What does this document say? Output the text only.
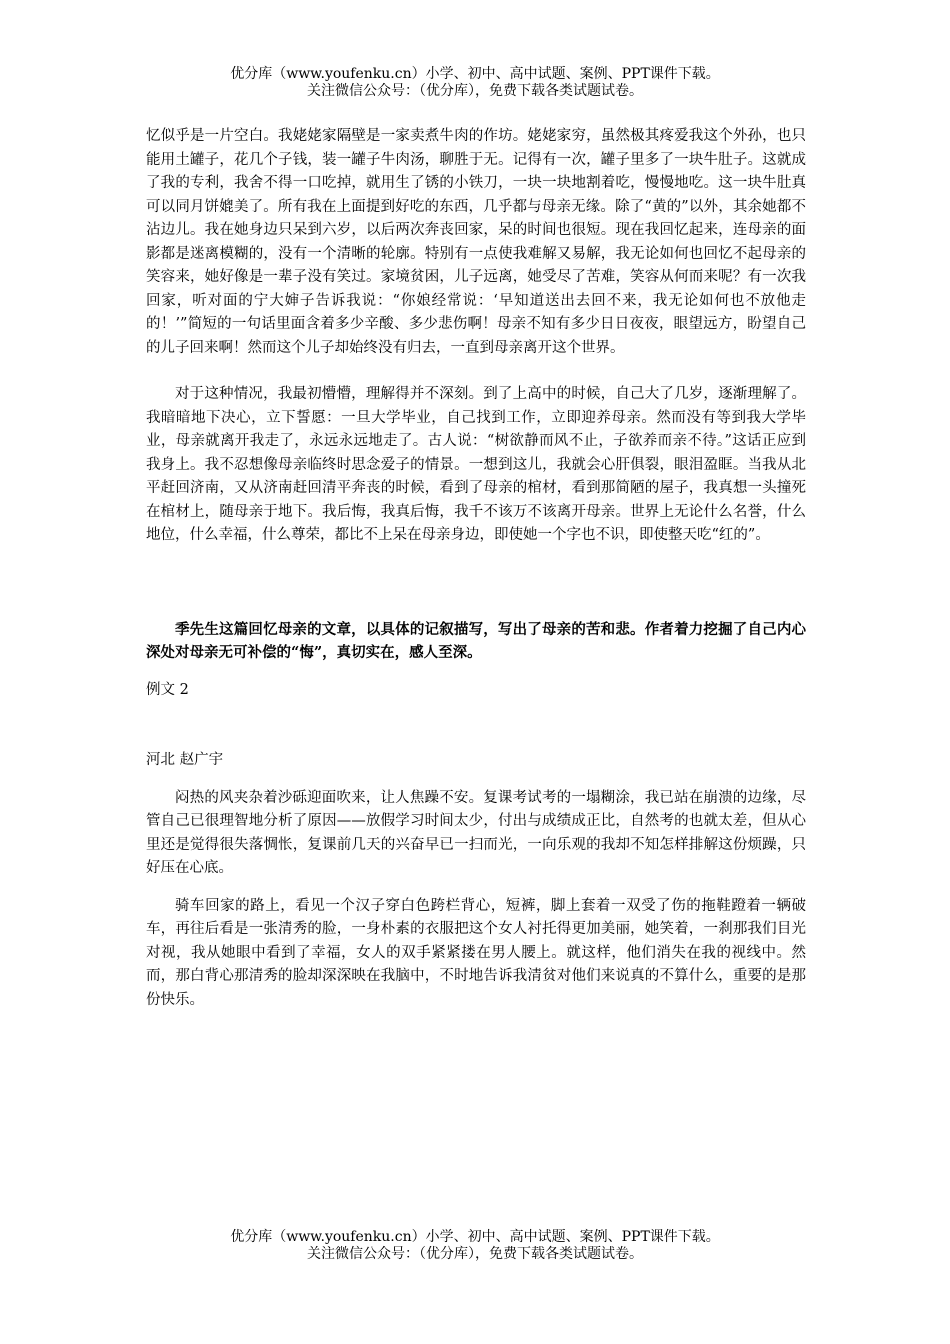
优分库（www.youfenku.cn）小学、初中、高中试题、案例、PPT课件下载。
关注微信公众号：（优分库），免费下载各类试题试卷。

忆似乎是一片空白。我姥姥家隔壁是一家卖煮牛肉的作坊。姥姥家穷，虽然极其疼爱我这个外孙，也只能用土罐子，花几个子钱，装一罐子牛肉汤，聊胜于无。记得有一次，罐子里多了一块牛肚子。这就成了我的专利，我舍不得一口吃掉，就用生了锈的小铁刀，一块一块地割着吃，慢慢地吃。这一块牛肚真可以同月饼媲美了。所有我在上面提到好吃的东西，几乎都与母亲无缘。除了“黄的”以外，其余她都不沾边儿。我在她身边只呆到六岁，以后两次奔丧回家，呆的时间也很短。现在我回忆起来，连母亲的面影都是迷离模糊的，没有一个清晰的轮廓。特别有一点使我难解又易解，我无论如何也回忆不起母亲的笑容来，她好像是一辈子没有笑过。家境贫困，儿子远离，她受尽了苦难，笑容从何而来呢？有一次我回家，听对面的宁大婶子告诉我说：“你娘经常说：‘早知道送出去回不来，我无论如何也不放他走的！’”简短的一句话里面含着多少辛酸、多少悲伤啊！母亲不知有多少日日夜夜，眼望远方，盼望自己的儿子回来啊！然而这个儿子却始终没有归去，一直到母亲离开这个世界。

对于这种情况，我最初懵懵，理解得并不深刻。到了上高中的时候，自己大了几岁，逐渐理解了。我暗暗地下决心，立下誓愿：一旦大学毕业，自己找到工作，立即迎养母亲。然而没有等到我大学毕业，母亲就离开我走了，永远永远地走了。古人说：“树欲静而风不止，子欲养而亲不待。”这话正应到我身上。我不忍想像母亲临终时思念爱子的情景。一想到这儿，我就会心肝俱裂，眼泪盈眶。当我从北平赶回济南，又从济南赶回清平奔丧的时候，看到了母亲的棺材，看到那简陋的屋子，我真想一头撞死在棺材上，随母亲于地下。我后悔，我真后悔，我千不该万不该离开母亲。世界上无论什么名誉，什么地位，什么幸福，什么尊荣，都比不上呆在母亲身边，即使她一个字也不识，即使整天吃“红的”。

季先生这篇回忆母亲的文章，以具体的记叙描写，写出了母亲的苦和悲。作者着力挖掘了自己内心深处对母亲无可补偿的“悔”，真切实在，感人至深。

例文 2

河北 赵广宇

闷热的风夹杂着沙砾迎面吹来，让人焦躁不安。复课考试考的一塌糊涂，我已站在崩溃的边缘，尽管自己已很理智地分析了原因——放假学习时间太少，付出与成绩成正比，自然考的也就太差，但从心里还是觉得很失落惆怅，复课前几天的兴奋早已一扫而光，一向乐观的我却不知怎样排解这份烦躁，只好压在心底。

骑车回家的路上，看见一个汉子穿白色跨栏背心，短裤，脚上套着一双受了伤的拖鞋蹬着一辆破车，再往后看是一张清秀的脸，一身朴素的衣服把这个女人衬托得更加美丽，她笑着，一刹那我们目光对视，我从她眼中看到了幸福，女人的双手紧紧搂在男人腰上。就这样，他们消失在我的视线中。然而，那白背心那清秀的脸却深深映在我脑中，不时地告诉我清贫对他们来说真的不算什么，重要的是那份快乐。

优分库（www.youfenku.cn）小学、初中、高中试题、案例、PPT课件下载。
关注微信公众号：（优分库），免费下载各类试题试卷。
